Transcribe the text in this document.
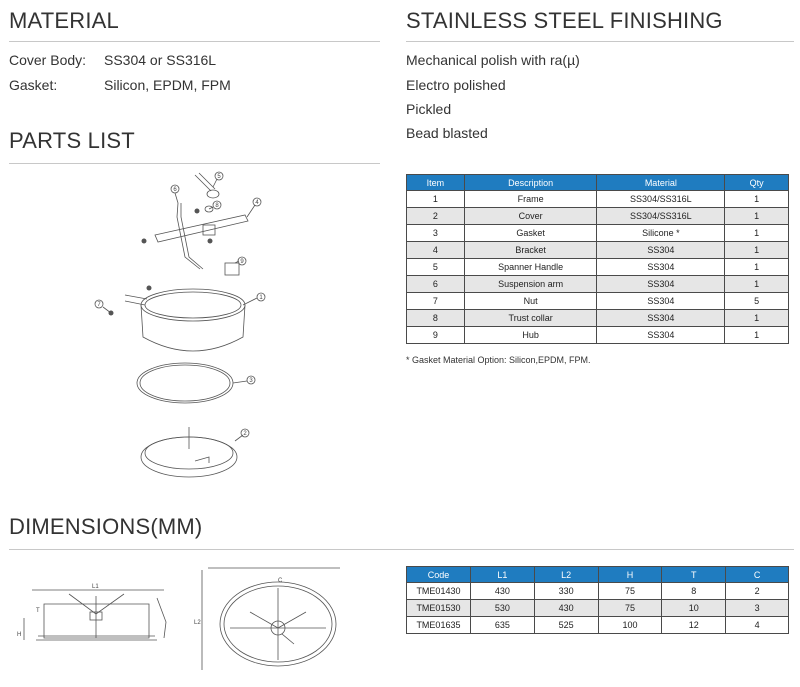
MATERIAL
Cover Body: SS304 or SS316L
Gasket:	Silicon, EPDM, FPM
STAINLESS STEEL FINISHING
Mechanical polish with ra(µ)
Electro polished
Pickled
Bead blasted
PARTS LIST
1
2
3
4
5
6
7
8
9
Item	Description	Material	Qty
1	Frame	SS304/SS316L	1
2	Cover	SS304/SS316L	1
3	Gasket	Silicone *	1
4	Bracket	SS304	1
5	Spanner Handle	SS304	1
6	Suspension arm	SS304	1
7	Nut	SS304	5
8	Trust collar	SS304	1
9	Hub	SS304	1
* Gasket Material Option: Silicon,EPDM, FPM.
DIMENSIONS(MM)
L1
T
H
L2
C
Code	L1	L2	H	T	C
TME01430	430	330	75	8	2
TME01530	530	430	75	10	3
TME01635	635	525	100	12	4
